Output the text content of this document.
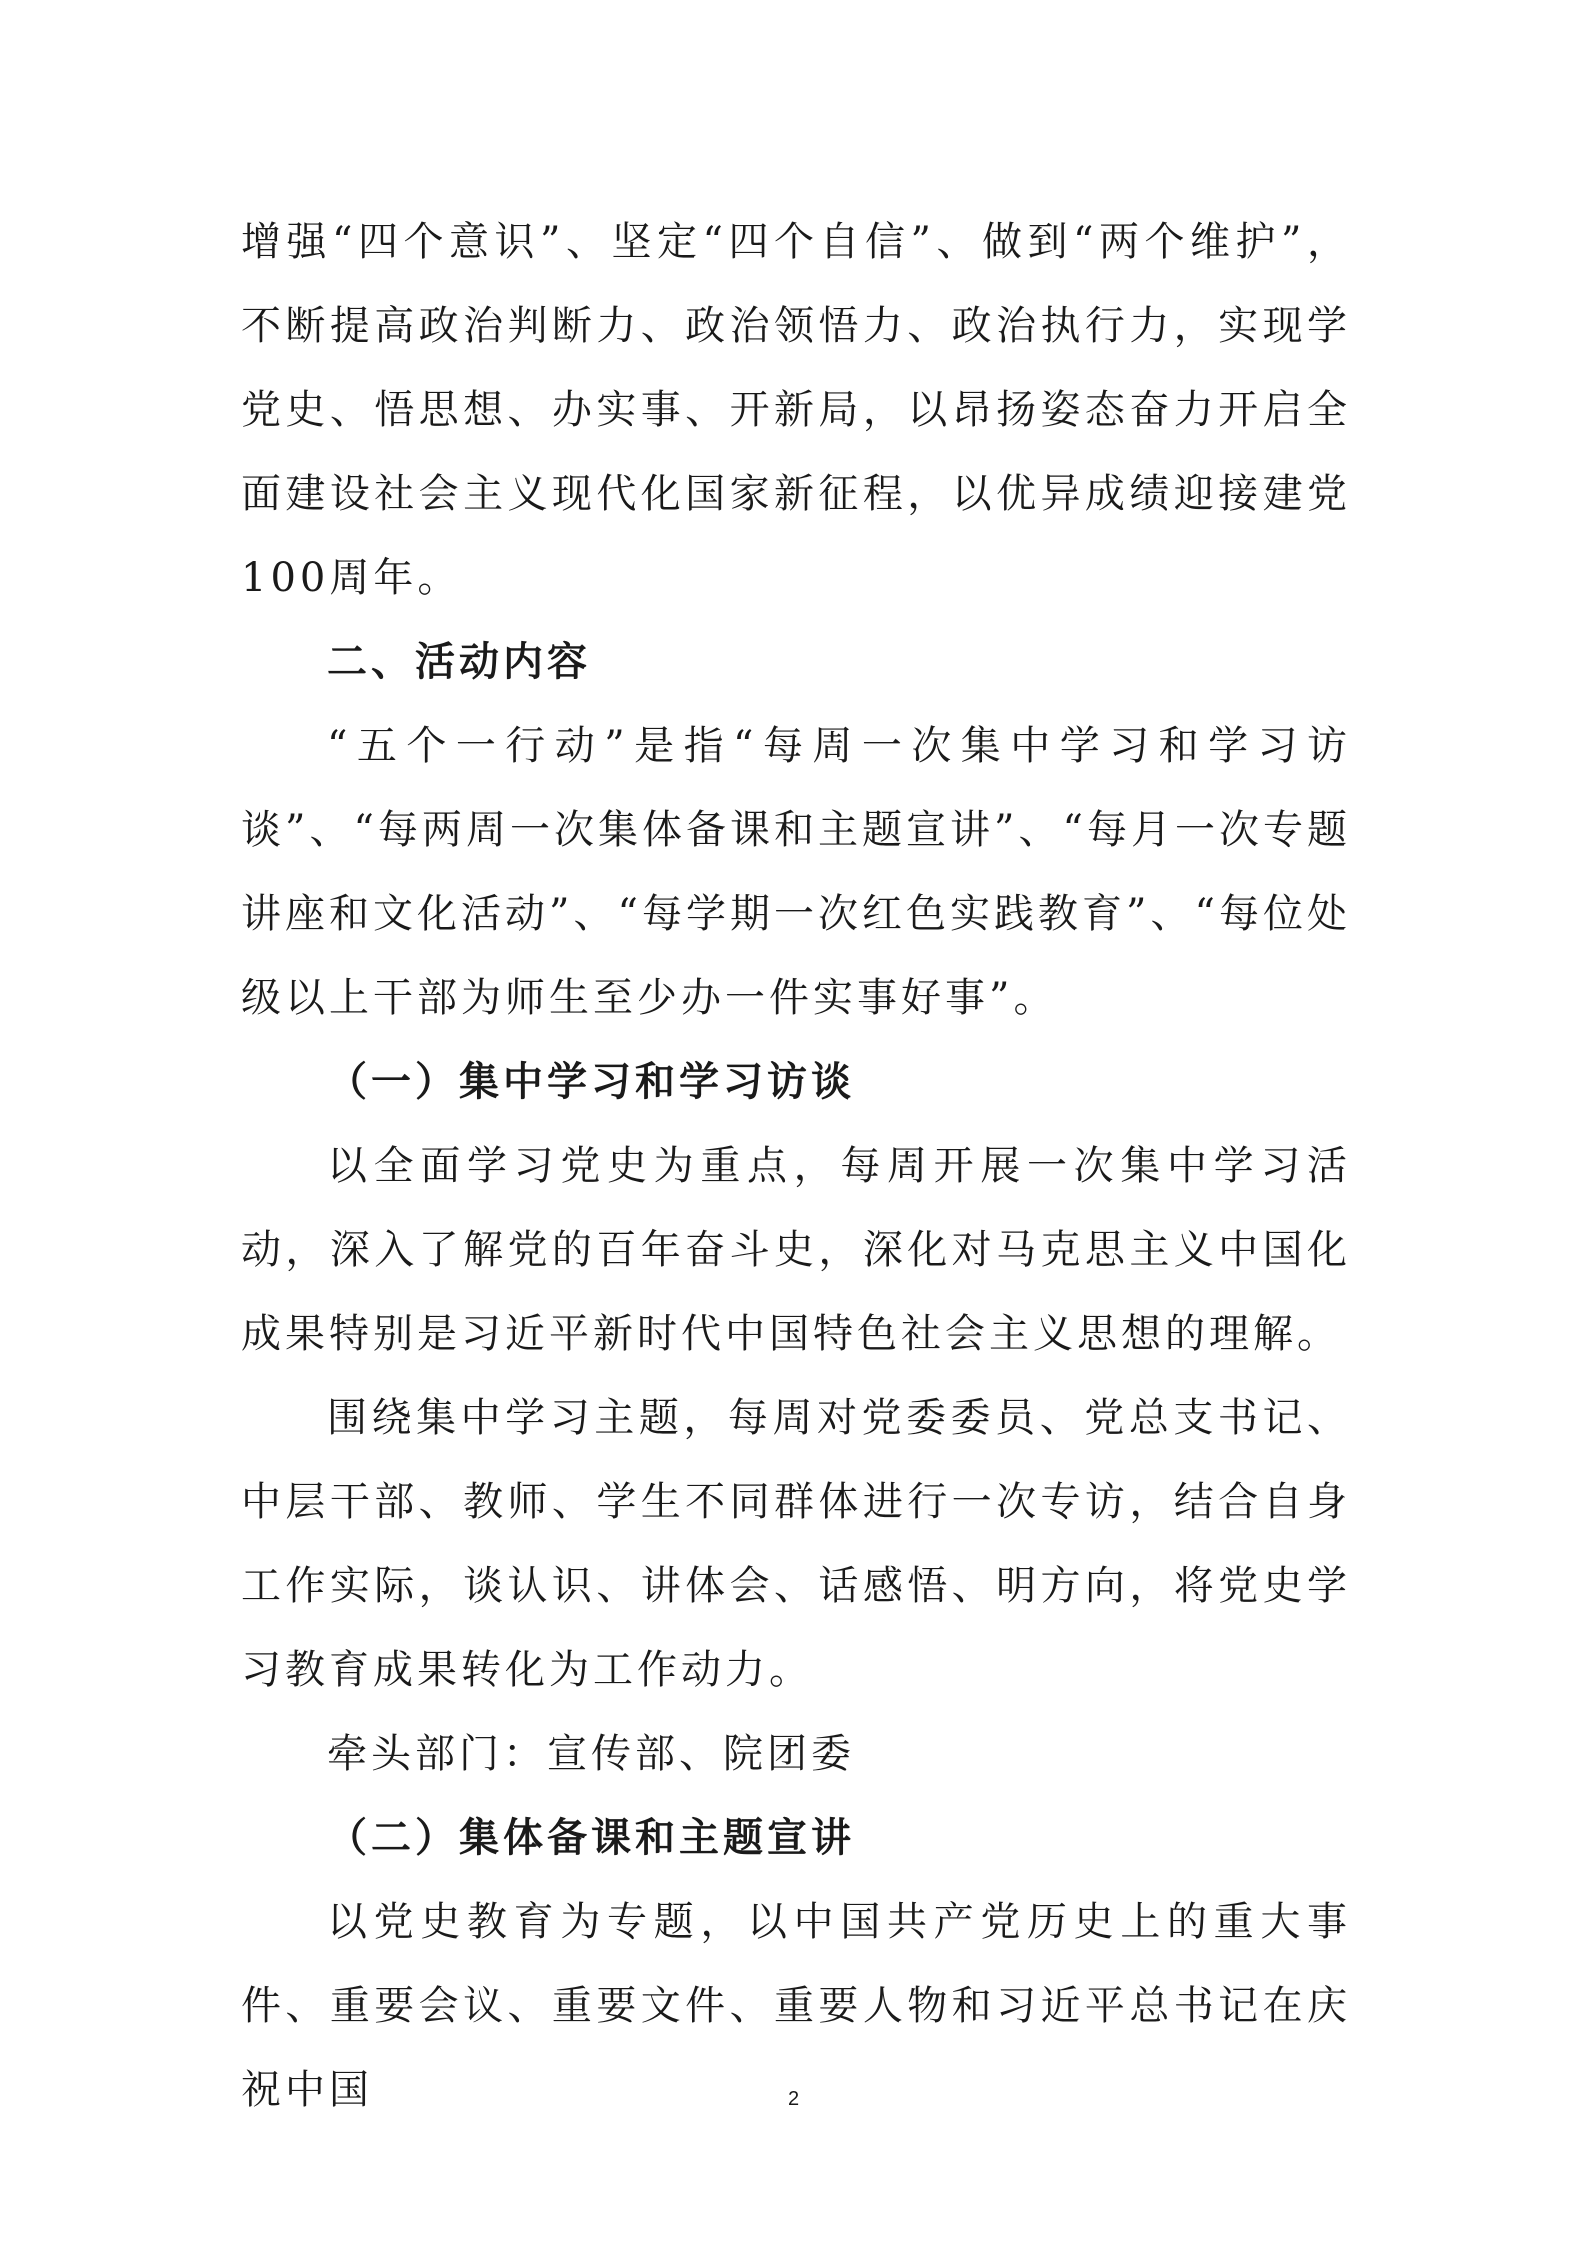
增强“四个意识”、坚定“四个自信”、做到“两个维护”，不断提高政治判断力、政治领悟力、政治执行力，实现学党史、悟思想、办实事、开新局，以昂扬姿态奋力开启全面建设社会主义现代化国家新征程，以优异成绩迎接建党100周年。

二、活动内容

“五个一行动”是指“每周一次集中学习和学习访谈”、“每两周一次集体备课和主题宣讲”、“每月一次专题讲座和文化活动”、“每学期一次红色实践教育”、“每位处级以上干部为师生至少办一件实事好事”。

（一）集中学习和学习访谈

以全面学习党史为重点，每周开展一次集中学习活动，深入了解党的百年奋斗史，深化对马克思主义中国化成果特别是习近平新时代中国特色社会主义思想的理解。

围绕集中学习主题，每周对党委委员、党总支书记、中层干部、教师、学生不同群体进行一次专访，结合自身工作实际，谈认识、讲体会、话感悟、明方向，将党史学习教育成果转化为工作动力。

牵头部门：宣传部、院团委

（二）集体备课和主题宣讲

以党史教育为专题，以中国共产党历史上的重大事件、重要会议、重要文件、重要人物和习近平总书记在庆祝中国	2
